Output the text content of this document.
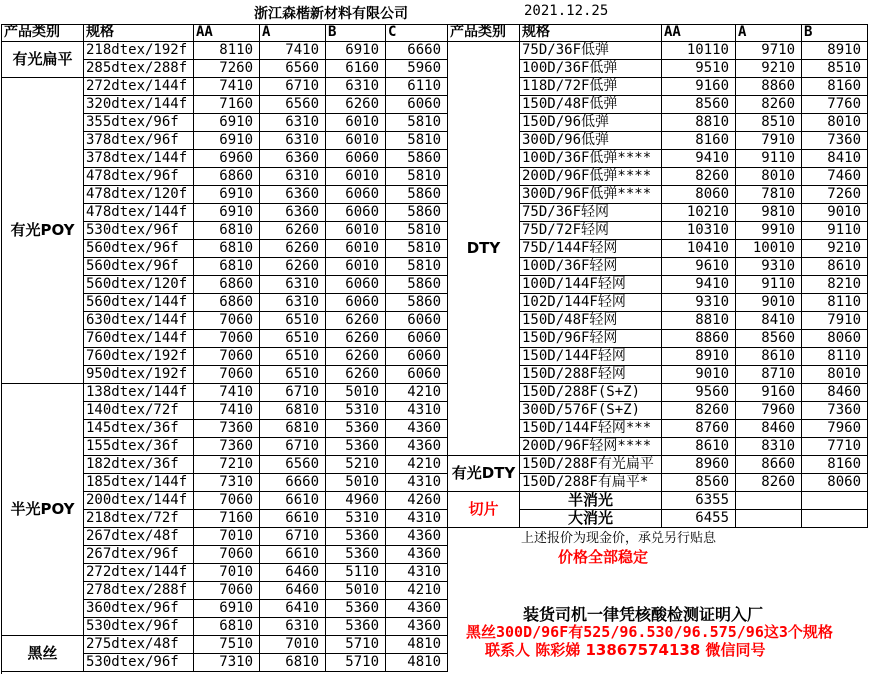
浙江森楷新材料有限公司	2021.12.25
上述报价为现金价，承兑另行贴息
价格全部稳定
装货司机一律凭核酸检测证明入厂
黑丝300D/96F有525/96.530/96.575/96这3个规格
联系人 陈彩娣 13867574138 微信同号
产品类别	规格	AA	A	B	C
有光扁平 218dtex/192f	8110	7410	6910	6660
285dtex/288f	7260	6560	6160	5960
有光POY
272dtex/144f	7410	6710	6310	6110
320dtex/144f	7160	6560	6260	6060
355dtex/96f	6910	6310	6010	5810
378dtex/96f	6910	6310	6010	5810
378dtex/144f	6960	6360	6060	5860
478dtex/96f	6860	6310	6010	5810
478dtex/120f	6910	6360	6060	5860
478dtex/144f	6910	6360	6060	5860
530dtex/96f	6810	6260	6010	5810
560dtex/96f	6810	6260	6010	5810
560dtex/96f	6810	6260	6010	5810
560dtex/120f	6860	6310	6060	5860
560dtex/144f	6860	6310	6060	5860
630dtex/144f	7060	6510	6260	6060
760dtex/144f	7060	6510	6260	6060
760dtex/192f	7060	6510	6260	6060
950dtex/192f	7060	6510	6260	6060
半光POY
138dtex/144f	7410	6710	5010	4210
140dtex/72f	7410	6810	5310	4310
145dtex/36f	7360	6810	5360	4360
155dtex/36f	7360	6710	5360	4360
182dtex/36f	7210	6560	5210	4210
185dtex/144f	7310	6660	5010	4310
200dtex/144f	7060	6610	4960	4260
218dtex/72f	7160	6610	5310	4310
267dtex/48f	7010	6710	5360	4360
267dtex/96f	7060	6610	5360	4360
272dtex/144f	7010	6460	5110	4310
278dtex/288f	7060	6460	5010	4210
360dtex/96f	6910	6410	5360	4360
530dtex/96f	6810	6310	5360	4360
黑丝	275dtex/48f	7510	7010	5710	4810
530dtex/96f	7310	6810	5710	4810
产品类别	规格	AA	A	B
DTY
75D/36F低弹	10110	9710	8910
100D/36F低弹	9510	9210	8510
118D/72F低弹	9160	8860	8160
150D/48F低弹	8560	8260	7760
150D/96低弹	8810	8510	8010
300D/96低弹	8160	7910	7360
100D/36F低弹****	9410	9110	8410
200D/96F低弹****	8260	8010	7460
300D/96F低弹****	8060	7810	7260
75D/36F轻网	10210	9810	9010
75D/72F轻网	10310	9910	9110
75D/144F轻网	10410	10010	9210
100D/36F轻网	9610	9310	8610
100D/144F轻网	9410	9110	8210
102D/144F轻网	9310	9010	8110
150D/48F轻网	8810	8410	7910
150D/96F轻网	8860	8560	8060
150D/144F轻网	8910	8610	8110
150D/288F轻网	9010	8710	8010
150D/288F(S+Z)	9560	9160	8460
300D/576F(S+Z)	8260	7960	7360
150D/144F轻网***	8760	8460	7960
200D/96F轻网****	8610	8310	7710
有光DTY 150D/288F有光扁平	8960	8660	8160
150D/288F有扁平*	8560	8260	8060
切片	半消光	6355
大消光	6455
